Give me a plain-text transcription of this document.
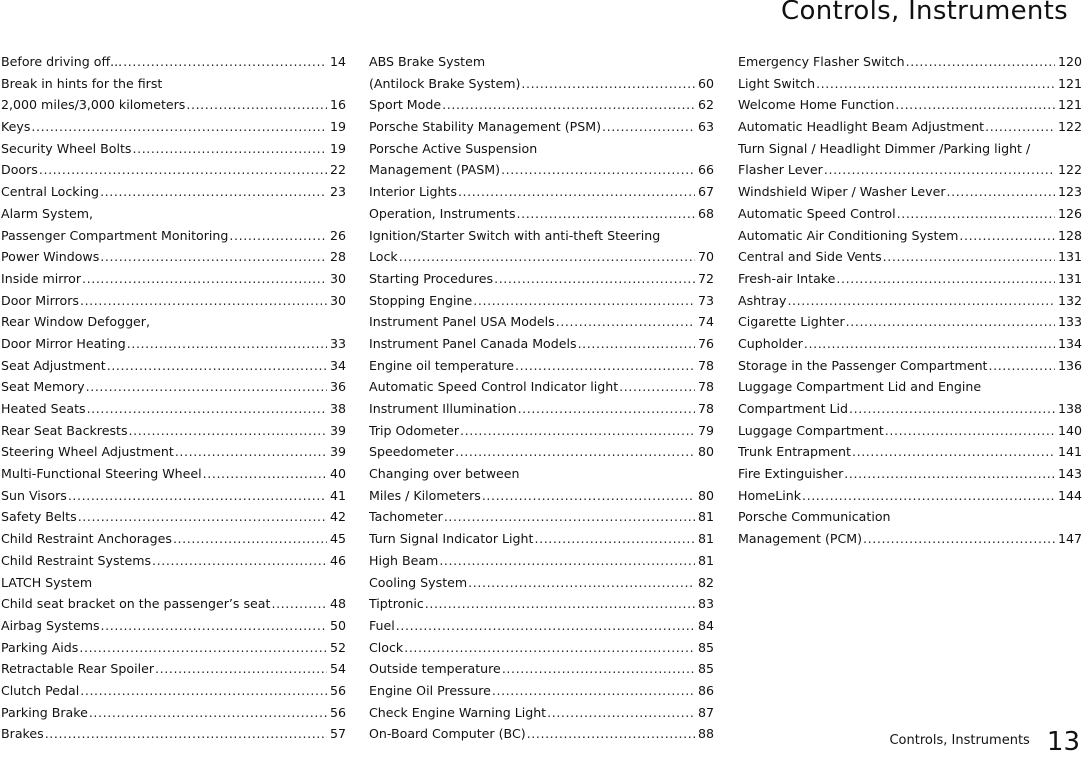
Controls, Instruments
Before driving off... .....	14
Break in hints for the first
2,000 miles/3,000 kilometers .....	16
Keys .....	19
Security Wheel Bolts .....	19
Doors .....	22
Central Locking .....	23
Alarm System,
Passenger Compartment Monitoring .....	26
Power Windows .....	28
Inside mirror .....	30
Door Mirrors .....	30
Rear Window Defogger,
Door Mirror Heating .....	33
Seat Adjustment .....	34
Seat Memory .....	36
Heated Seats .....	38
Rear Seat Backrests .....	39
Steering Wheel Adjustment .....	39
Multi-Functional Steering Wheel .....	40
Sun Visors .....	41
Safety Belts .....	42
Child Restraint Anchorages .....	45
Child Restraint Systems .....	46
LATCH System
Child seat bracket on the passenger’s seat .....	48
Airbag Systems .....	50
Parking Aids .....	52
Retractable Rear Spoiler .....	54
Clutch Pedal .....	56
Parking Brake .....	56
Brakes .....	57
ABS Brake System
(Antilock Brake System) .....	60
Sport Mode .....	62
Porsche Stability Management (PSM) .....	63
Porsche Active Suspension
Management (PASM) .....	66
Interior Lights .....	67
Operation, Instruments .....	68
Ignition/Starter Switch with anti-theft Steering
Lock .....	70
Starting Procedures .....	72
Stopping Engine .....	73
Instrument Panel USA Models .....	74
Instrument Panel Canada Models .....	76
Engine oil temperature .....	78
Automatic Speed Control Indicator light .....	78
Instrument Illumination .....	78
Trip Odometer .....	79
Speedometer .....	80
Changing over between
Miles / Kilometers .....	80
Tachometer .....	81
Turn Signal Indicator Light .....	81
High Beam .....	81
Cooling System .....	82
Tiptronic .....	83
Fuel .....	84
Clock .....	85
Outside temperature .....	85
Engine Oil Pressure .....	86
Check Engine Warning Light .....	87
On-Board Computer (BC) .....	88
Emergency Flasher Switch .....	120
Light Switch .....	121
Welcome Home Function .....	121
Automatic Headlight Beam Adjustment .....	122
Turn Signal / Headlight Dimmer /Parking light /
Flasher Lever .....	122
Windshield Wiper / Washer Lever .....	123
Automatic Speed Control .....	126
Automatic Air Conditioning System .....	128
Central and Side Vents .....	131
Fresh-air Intake .....	131
Ashtray .....	132
Cigarette Lighter .....	133
Cupholder .....	134
Storage in the Passenger Compartment .....	136
Luggage Compartment Lid and Engine
Compartment Lid .....	138
Luggage Compartment .....	140
Trunk Entrapment .....	141
Fire Extinguisher .....	143
HomeLink .....	144
Porsche Communication
Management (PCM) .....	147
$^{Controls, Instruments}$ 13
